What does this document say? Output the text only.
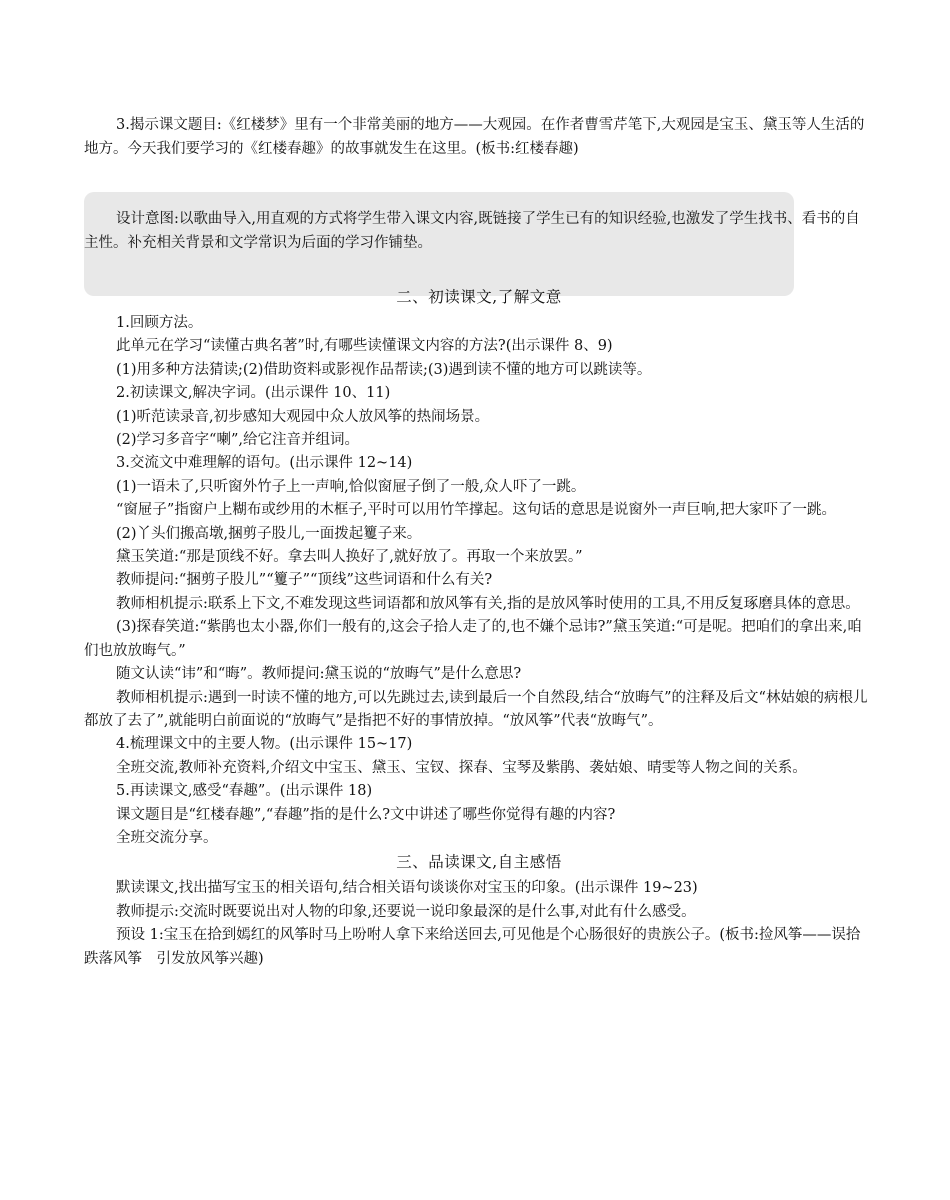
3.揭示课文题目:《红楼梦》里有一个非常美丽的地方——大观园。在作者曹雪芹笔下,大观园是宝玉、黛玉等人生活的地方。今天我们要学习的《红楼春趣》的故事就发生在这里。(板书:红楼春趣)

设计意图:以歌曲导入,用直观的方式将学生带入课文内容,既链接了学生已有的知识经验,也激发了学生找书、看书的自主性。补充相关背景和文学常识为后面的学习作铺垫。

二、初读课文,了解文意

1.回顾方法。

此单元在学习“读懂古典名著”时,有哪些读懂课文内容的方法?(出示课件 8、9)

(1)用多种方法猜读;(2)借助资料或影视作品帮读;(3)遇到读不懂的地方可以跳读等。

2.初读课文,解决字词。(出示课件 10、11)

(1)听范读录音,初步感知大观园中众人放风筝的热闹场景。

(2)学习多音字“喇”,给它注音并组词。

3.交流文中难理解的语句。(出示课件 12~14)

(1)一语未了,只听窗外竹子上一声响,恰似窗屉子倒了一般,众人吓了一跳。

“窗屉子”指窗户上糊布或纱用的木框子,平时可以用竹竿撑起。这句话的意思是说窗外一声巨响,把大家吓了一跳。

(2)丫头们搬高墩,捆剪子股儿,一面拨起籰子来。

黛玉笑道:“那是顶线不好。拿去叫人换好了,就好放了。再取一个来放罢。”

教师提问:“捆剪子股儿”“籰子”“顶线”这些词语和什么有关?

教师相机提示:联系上下文,不难发现这些词语都和放风筝有关,指的是放风筝时使用的工具,不用反复琢磨具体的意思。

(3)探春笑道:“紫鹃也太小器,你们一般有的,这会子拾人走了的,也不嫌个忌讳?”黛玉笑道:“可是呢。把咱们的拿出来,咱们也放放晦气。”

随文认读“讳”和“晦”。教师提问:黛玉说的“放晦气”是什么意思?

教师相机提示:遇到一时读不懂的地方,可以先跳过去,读到最后一个自然段,结合“放晦气”的注释及后文“林姑娘的病根儿都放了去了”,就能明白前面说的“放晦气”是指把不好的事情放掉。“放风筝”代表“放晦气”。

4.梳理课文中的主要人物。(出示课件 15~17)

全班交流,教师补充资料,介绍文中宝玉、黛玉、宝钗、探春、宝琴及紫鹃、袭姑娘、晴雯等人物之间的关系。

5.再读课文,感受“春趣”。(出示课件 18)

课文题目是“红楼春趣”,“春趣”指的是什么?文中讲述了哪些你觉得有趣的内容?

全班交流分享。

三、品读课文,自主感悟

默读课文,找出描写宝玉的相关语句,结合相关语句谈谈你对宝玉的印象。(出示课件 19~23)

教师提示:交流时既要说出对人物的印象,还要说一说印象最深的是什么事,对此有什么感受。

预设 1:宝玉在拾到嫣红的风筝时马上吩咐人拿下来给送回去,可见他是个心肠很好的贵族公子。(板书:捡风筝——误拾跌落风筝　引发放风筝兴趣)
